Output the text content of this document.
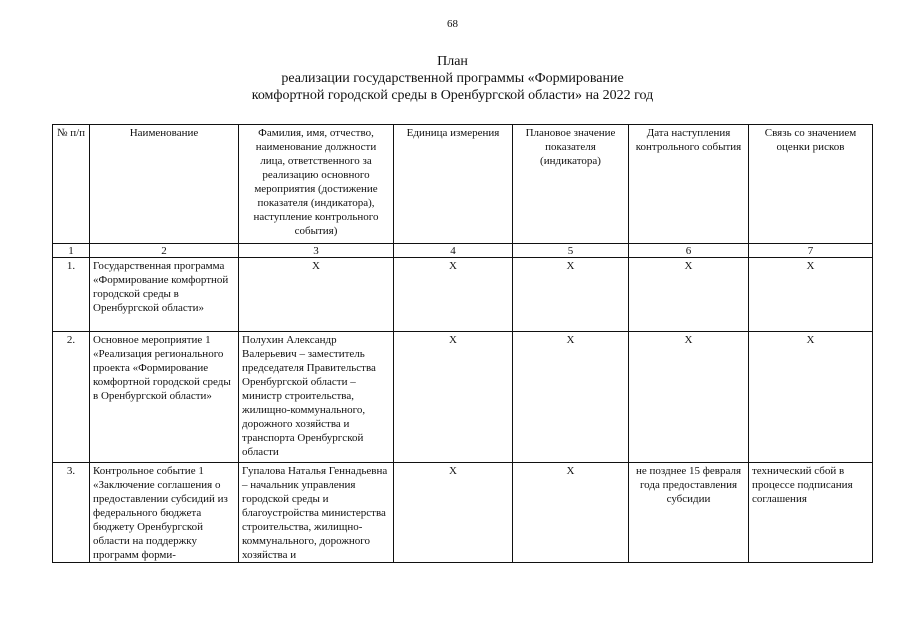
68
План
реализации государственной программы «Формирование
комфортной городской среды в Оренбургской области» на 2022 год
№ п/п	Наименование	Фамилия, имя, отчество, наименование должности лица, ответственного за реализацию основного мероприятия (достижение показателя (индикатора), наступление контрольного события)	Единица измерения	Плановое значение показателя (индикатора)	Дата наступления контрольного события	Связь со значением оценки рисков
1	2	3	4	5	6	7
1.	Государственная программа «Формирование комфортной городской среды в Оренбургской области»	Х	Х	Х	Х	Х
2.	Основное мероприятие 1 «Реализация регионального проекта «Формирование комфортной городской среды в Оренбургской области»	Полухин Александр Валерьевич – заместитель председателя Правительства Оренбургской области – министр строительства, жилищно-коммунального, дорожного хозяйства и транспорта Оренбургской области	Х	Х	Х	Х
3.	Контрольное событие 1 «Заключение соглашения о предоставлении субсидий из федерального бюджета бюджету Оренбургской области на поддержку программ форми-	Гупалова Наталья Геннадьевна – начальник управления городской среды и благоустройства министерства строительства, жилищно-коммунального, дорожного хозяйства и	Х	Х	не позднее 15 февраля года предоставления субсидии	технический сбой в процессе подписания соглашения
